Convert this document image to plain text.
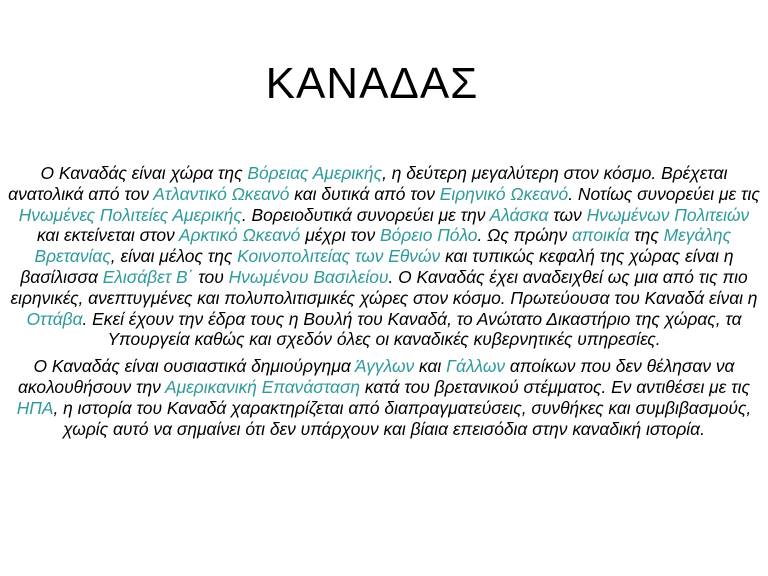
ΚΑΝΑΔΑΣ

Ο Καναδάς είναι χώρα της Βόρειας Αμερικής, η δεύτερη μεγαλύτερη στον κόσμο. Βρέχεται ανατολικά από τον Ατλαντικό Ωκεανό και δυτικά από τον Ειρηνικό Ωκεανό. Νοτίως συνορεύει με τις Ηνωμένες Πολιτείες Αμερικής. Βορειοδυτικά συνορεύει με την Αλάσκα των Ηνωμένων Πολιτειών και εκτείνεται στον Αρκτικό Ωκεανό μέχρι τον Βόρειο Πόλο. Ως πρώην αποικία της Μεγάλης Βρετανίας, είναι μέλος της Κοινοπολιτείας των Εθνών και τυπικώς κεφαλή της χώρας είναι η βασίλισσα Ελισάβετ Β΄ του Ηνωμένου Βασιλείου. Ο Καναδάς έχει αναδειχθεί ως μια από τις πιο ειρηνικές, ανεπτυγμένες και πολυπολιτισμικές χώρες στον κόσμο. Πρωτεύουσα του Καναδά είναι η Οττάβα. Εκεί έχουν την έδρα τους η Βουλή του Καναδά, το Ανώτατο Δικαστήριο της χώρας, τα Υπουργεία καθώς και σχεδόν όλες οι καναδικές κυβερνητικές υπηρεσίες.

Ο Καναδάς είναι ουσιαστικά δημιούργημα Άγγλων και Γάλλων αποίκων που δεν θέλησαν να ακολουθήσουν την Αμερικανική Επανάσταση κατά του βρετανικού στέμματος. Εν αντιθέσει με τις ΗΠΑ, η ιστορία του Καναδά χαρακτηρίζεται από διαπραγματεύσεις, συνθήκες και συμβιβασμούς, χωρίς αυτό να σημαίνει ότι δεν υπάρχουν και βίαια επεισόδια στην καναδική ιστορία.
